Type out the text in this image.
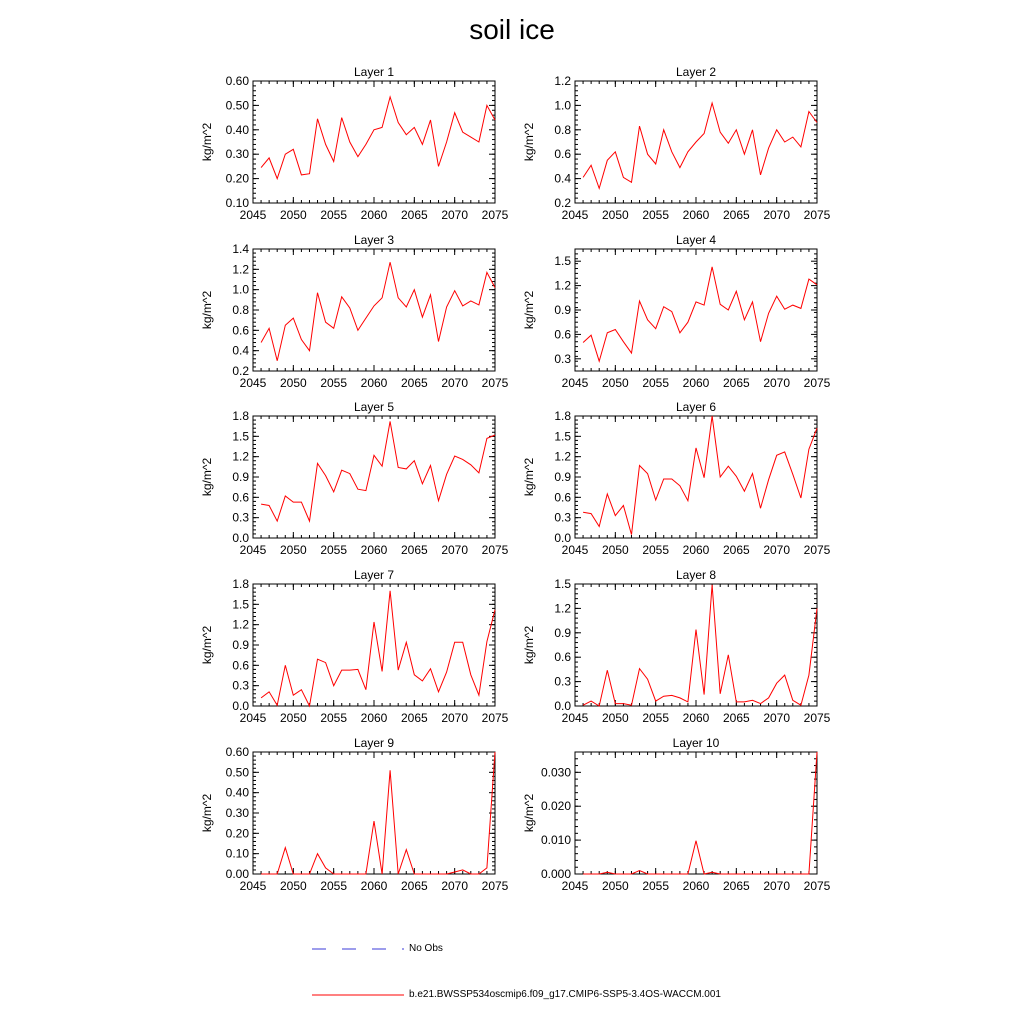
soil ice
Layer 1
kg/m^2
0.10
0.20
0.30
0.40
0.50
0.60
2045 2050 2055 2060 2065 2070 2075
Layer 2
kg/m^2
0.2
0.4
0.6
0.8
1.0
1.2
2045 2050 2055 2060 2065 2070 2075
Layer 3
kg/m^2
0.2
0.4
0.6
0.8
1.0
1.2
1.4
2045 2050 2055 2060 2065 2070 2075
Layer 4
kg/m^2
0.3
0.6
0.9
1.2
1.5
2045 2050 2055 2060 2065 2070 2075
Layer 5
kg/m^2
0.0
0.3
0.6
0.9
1.2
1.5
1.8
2045 2050 2055 2060 2065 2070 2075
Layer 6
kg/m^2
0.0
0.3
0.6
0.9
1.2
1.5
1.8
2045 2050 2055 2060 2065 2070 2075
Layer 7
kg/m^2
0.0
0.3
0.6
0.9
1.2
1.5
1.8
2045 2050 2055 2060 2065 2070 2075
Layer 8
kg/m^2
0.0
0.3
0.6
0.9
1.2
1.5
2045 2050 2055 2060 2065 2070 2075
Layer 9
kg/m^2
0.00
0.10
0.20
0.30
0.40
0.50
0.60
2045 2050 2055 2060 2065 2070 2075
Layer 10
kg/m^2
0.000
0.010
0.020
0.030
2045 2050 2055 2060 2065 2070 2075
No Obs
b.e21.BWSSP534oscmip6.f09_g17.CMIP6-SSP5-3.4OS-WACCM.001
